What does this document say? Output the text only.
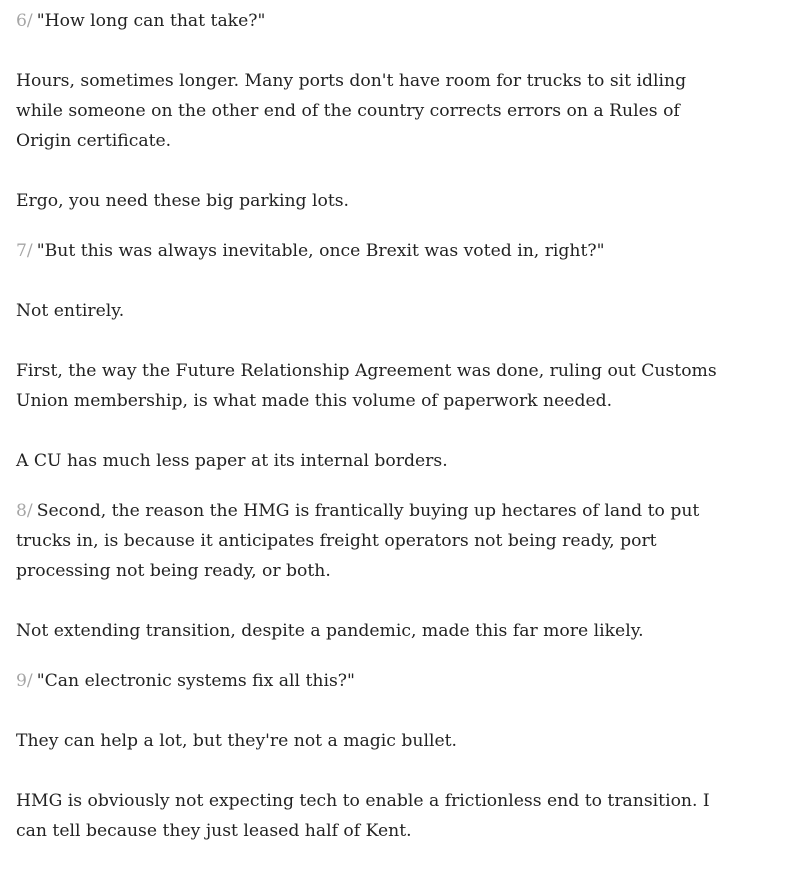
6/ "How long can that take?"

Hours, sometimes longer. Many ports don't have room for trucks to sit idling while someone on the other end of the country corrects errors on a Rules of Origin certificate.

Ergo, you need these big parking lots.

7/ "But this was always inevitable, once Brexit was voted in, right?"

Not entirely.

First, the way the Future Relationship Agreement was done, ruling out Customs Union membership, is what made this volume of paperwork needed.

A CU has much less paper at its internal borders.

8/ Second, the reason the HMG is frantically buying up hectares of land to put trucks in, is because it anticipates freight operators not being ready, port processing not being ready, or both.

Not extending transition, despite a pandemic, made this far more likely.

9/ "Can electronic systems fix all this?"

They can help a lot, but they're not a magic bullet.

HMG is obviously not expecting tech to enable a frictionless end to transition. I can tell because they just leased half of Kent.
